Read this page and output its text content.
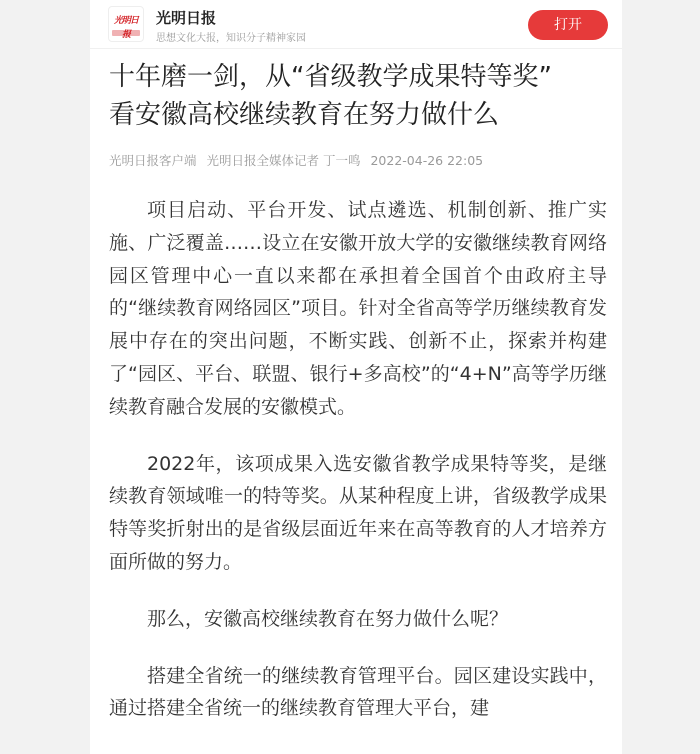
光明日报
光明日报
思想文化大报，知识分子精神家园
打开
十年磨一剑，从“省级教学成果特等奖”
看安徽高校继续教育在努力做什么
光明日报客户端 光明日报全媒体记者 丁一鸣 2022-04-26 22:05

项目启动、平台开发、试点遴选、机制创新、推广实施、广泛覆盖……设立在安徽开放大学的安徽继续教育网络园区管理中心一直以来都在承担着全国首个由政府主导的“继续教育网络园区”项目。针对全省高等学历继续教育发展中存在的突出问题，不断实践、创新不止，探索并构建了“园区、平台、联盟、银行+多高校”的“4+N”高等学历继续教育融合发展的安徽模式。

2022年，该项成果入选安徽省教学成果特等奖，是继续教育领域唯一的特等奖。从某种程度上讲，省级教学成果特等奖折射出的是省级层面近年来在高等教育的人才培养方面所做的努力。

那么，安徽高校继续教育在努力做什么呢？

搭建全省统一的继续教育管理平台。园区建设实践中，通过搭建全省统一的继续教育管理大平台，建
